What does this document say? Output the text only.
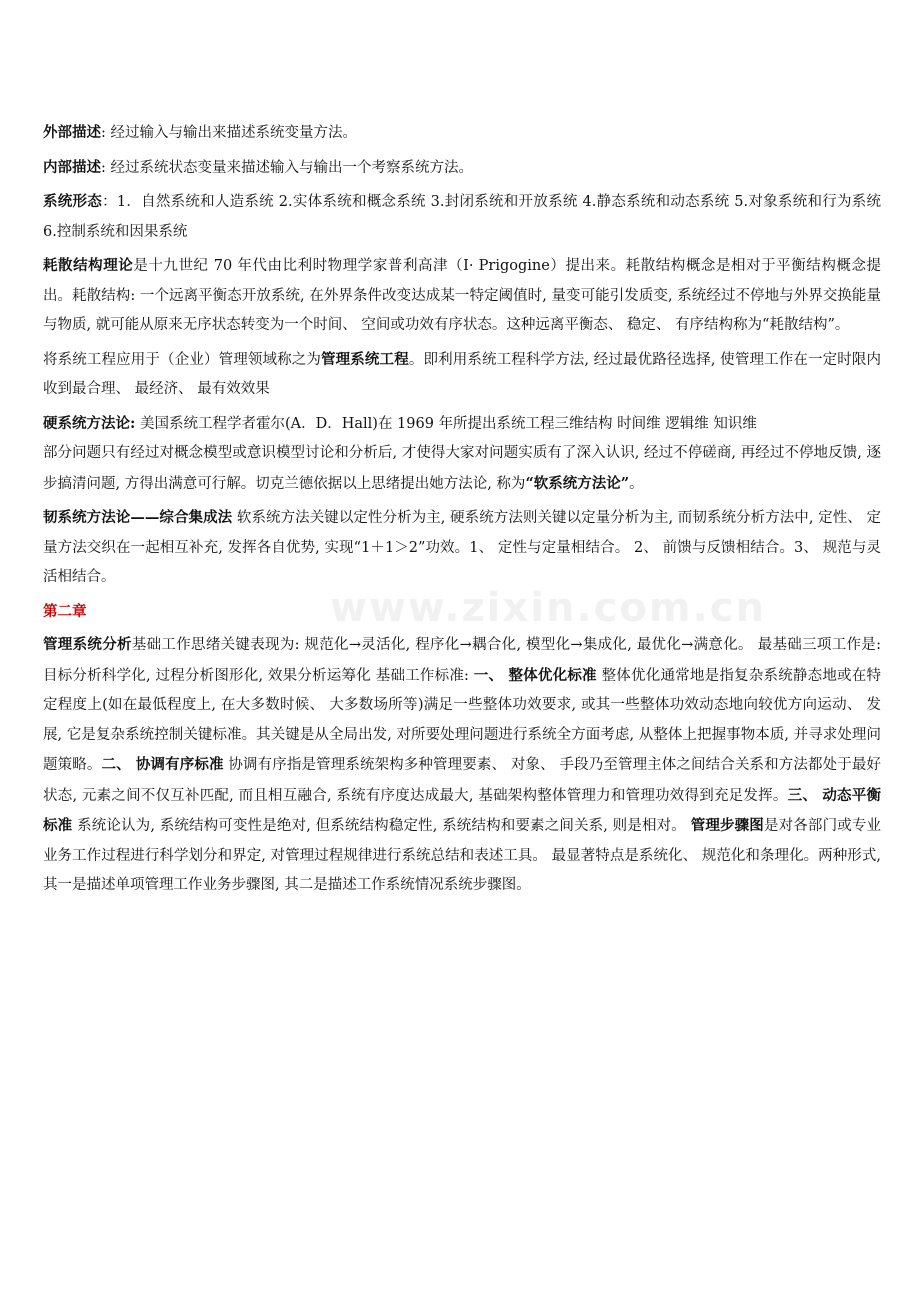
www.zixin.com.cn

外部描述: 经过输入与输出来描述系统变量方法。

内部描述: 经过系统状态变量来描述输入与输出一个考察系统方法。

系统形态：1．自然系统和人造系统 2.实体系统和概念系统 3.封闭系统和开放系统 4.静态系统和动态系统 5.对象系统和行为系统 6.控制系统和因果系统

耗散结构理论是十九世纪 70 年代由比利时物理学家普利高津（I· Prigogine）提出来。耗散结构概念是相对于平衡结构概念提出。耗散结构: 一个远离平衡态开放系统, 在外界条件改变达成某一特定阈值时, 量变可能引发质变, 系统经过不停地与外界交换能量与物质, 就可能从原来无序状态转变为一个时间、 空间或功效有序状态。这种远离平衡态、 稳定、 有序结构称为“耗散结构”。

将系统工程应用于（企业）管理领域称之为管理系统工程。即利用系统工程科学方法, 经过最优路径选择, 使管理工作在一定时限内收到最合理、 最经济、 最有效效果

硬系统方法论: 美国系统工程学者霍尔(A．D．Hall)在 1969 年所提出系统工程三维结构 时间维 逻辑维 知识维

部分问题只有经过对概念模型或意识模型讨论和分析后, 才使得大家对问题实质有了深入认识, 经过不停磋商, 再经过不停地反馈, 逐步搞清问题, 方得出满意可行解。切克兰德依据以上思绪提出她方法论, 称为“软系统方法论”。

韧系统方法论——综合集成法 软系统方法关键以定性分析为主, 硬系统方法则关键以定量分析为主, 而韧系统分析方法中, 定性、 定量方法交织在一起相互补充, 发挥各自优势, 实现“1＋1＞2”功效。1、 定性与定量相结合。 2、 前馈与反馈相结合。3、 规范与灵活相结合。

第二章

管理系统分析基础工作思绪关键表现为: 规范化→灵活化, 程序化→耦合化, 模型化→集成化, 最优化→满意化。 最基础三项工作是: 目标分析科学化, 过程分析图形化, 效果分析运筹化 基础工作标准: 一、 整体优化标准 整体优化通常地是指复杂系统静态地或在特定程度上(如在最低程度上, 在大多数时候、 大多数场所等)满足一些整体功效要求, 或其一些整体功效动态地向较优方向运动、 发展, 它是复杂系统控制关键标准。其关键是从全局出发, 对所要处理问题进行系统全方面考虑, 从整体上把握事物本质, 并寻求处理问题策略。二、 协调有序标准 协调有序指是管理系统架构多种管理要素、 对象、 手段乃至管理主体之间结合关系和方法都处于最好状态, 元素之间不仅互补匹配, 而且相互融合, 系统有序度达成最大, 基础架构整体管理力和管理功效得到充足发挥。三、 动态平衡标准 系统论认为, 系统结构可变性是绝对, 但系统结构稳定性, 系统结构和要素之间关系, 则是相对。 管理步骤图是对各部门或专业业务工作过程进行科学划分和界定, 对管理过程规律进行系统总结和表述工具。 最显著特点是系统化、 规范化和条理化。两种形式, 其一是描述单项管理工作业务步骤图, 其二是描述工作系统情况系统步骤图。
